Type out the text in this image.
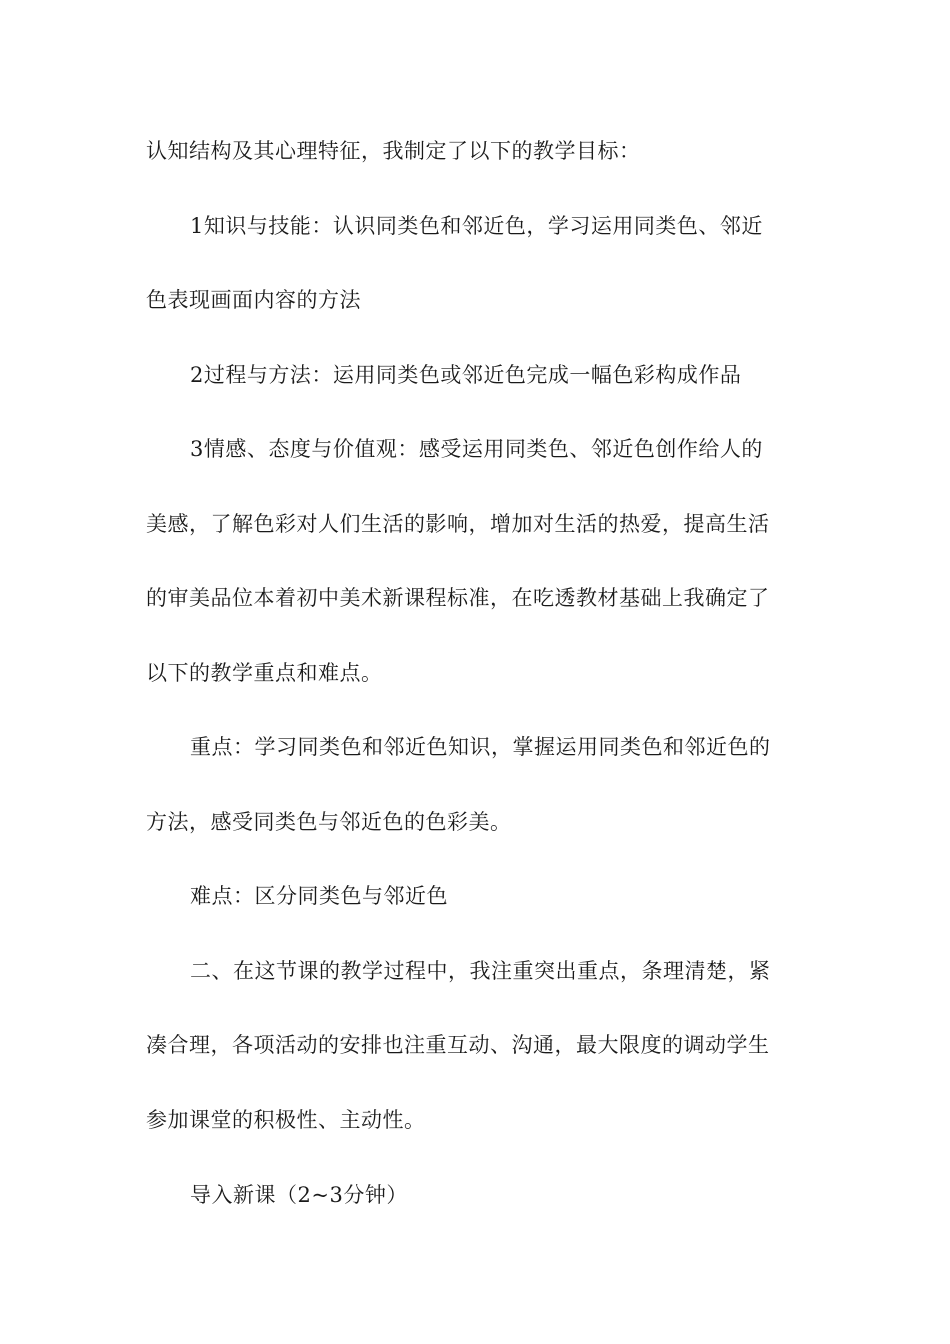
认知结构及其心理特征，我制定了以下的教学目标：
1知识与技能：认识同类色和邻近色，学习运用同类色、邻近
色表现画面内容的方法
2过程与方法：运用同类色或邻近色完成一幅色彩构成作品
3情感、态度与价值观：感受运用同类色、邻近色创作给人的
美感，了解色彩对人们生活的影响，增加对生活的热爱，提高生活
的审美品位本着初中美术新课程标准，在吃透教材基础上我确定了
以下的教学重点和难点。
重点：学习同类色和邻近色知识，掌握运用同类色和邻近色的
方法，感受同类色与邻近色的色彩美。
难点：区分同类色与邻近色
二、在这节课的教学过程中，我注重突出重点，条理清楚，紧
凑合理，各项活动的安排也注重互动、沟通，最大限度的调动学生
参加课堂的积极性、主动性。
导入新课（2~3分钟）
